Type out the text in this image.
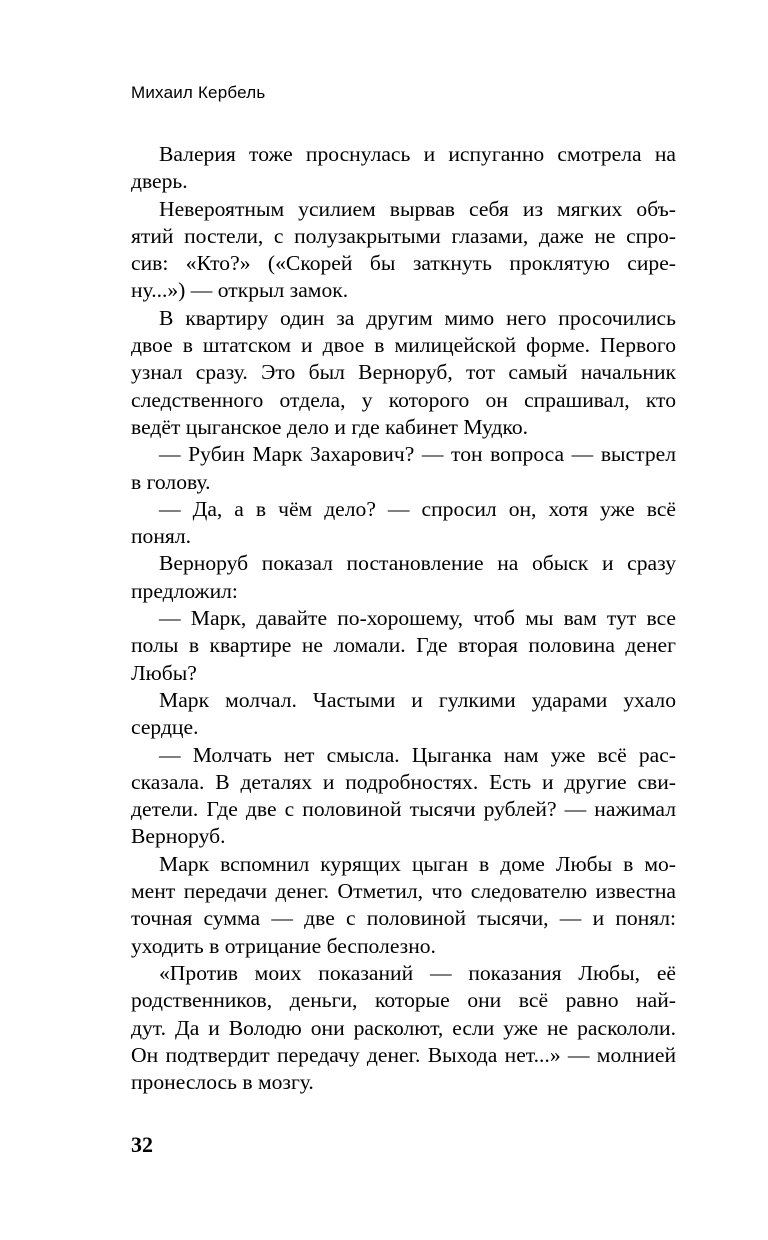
Михаил Кербель
Валерия тоже проснулась и испуганно смотрела на
дверь.
Невероятным усилием вырвав себя из мягких объ-
ятий постели, с полузакрытыми глазами, даже не спро-
сив: «Кто?» («Скорей бы заткнуть проклятую сире-
ну...») — открыл замок.
В квартиру один за другим мимо него просочились
двое в штатском и двое в милицейской форме. Первого
узнал сразу. Это был Верноруб, тот самый начальник
следственного отдела, у которого он спрашивал, кто
ведёт цыганское дело и где кабинет Мудко.
— Рубин Марк Захарович? — тон вопроса — выстрел
в голову.
— Да, а в чём дело? — спросил он, хотя уже всё
понял.
Верноруб показал постановление на обыск и сразу
предложил:
— Марк, давайте по-хорошему, чтоб мы вам тут все
полы в квартире не ломали. Где вторая половина денег
Любы?
Марк молчал. Частыми и гулкими ударами ухало
сердце.
— Молчать нет смысла. Цыганка нам уже всё рас-
сказала. В деталях и подробностях. Есть и другие сви-
детели. Где две с половиной тысячи рублей? — нажимал
Верноруб.
Марк вспомнил курящих цыган в доме Любы в мо-
мент передачи денег. Отметил, что следователю известна
точная сумма — две с половиной тысячи, — и понял:
уходить в отрицание бесполезно.
«Против моих показаний — показания Любы, её
родственников, деньги, которые они всё равно най-
дут. Да и Володю они расколют, если уже не раскололи.
Он подтвердит передачу денег. Выхода нет...» — молнией
пронеслось в мозгу.
32
